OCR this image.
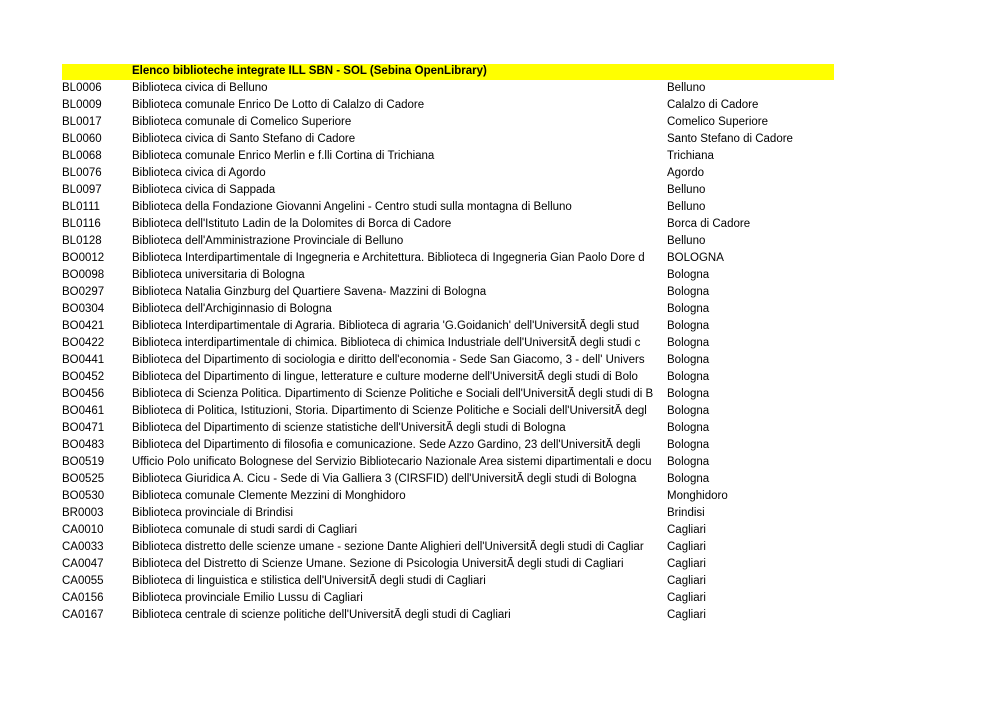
Elenco biblioteche integrate ILL SBN - SOL (Sebina OpenLibrary)
BL0006	Biblioteca civica di Belluno	Belluno
BL0009	Biblioteca comunale Enrico De Lotto di Calalzo di Cadore	Calalzo di Cadore
BL0017	Biblioteca comunale di Comelico Superiore	Comelico Superiore
BL0060	Biblioteca civica di Santo Stefano di Cadore	Santo Stefano di Cadore
BL0068	Biblioteca comunale Enrico Merlin e f.lli Cortina di Trichiana	Trichiana
BL0076	Biblioteca civica di Agordo	Agordo
BL0097	Biblioteca civica di Sappada	Belluno
BL0111	Biblioteca della Fondazione Giovanni Angelini - Centro studi sulla montagna di Belluno	Belluno
BL0116	Biblioteca dell'Istituto Ladin de la Dolomites di Borca di Cadore	Borca di Cadore
BL0128	Biblioteca dell'Amministrazione Provinciale di Belluno	Belluno
BO0012	Biblioteca Interdipartimentale di Ingegneria e Architettura. Biblioteca di Ingegneria Gian Paolo Dore d	BOLOGNA
BO0098	Biblioteca universitaria di Bologna	Bologna
BO0297	Biblioteca Natalia Ginzburg del Quartiere Savena- Mazzini di Bologna	Bologna
BO0304	Biblioteca dell'Archiginnasio di Bologna	Bologna
BO0421	Biblioteca Interdipartimentale di Agraria. Biblioteca di agraria 'G.Goidanich' dell'UniversitÃ degli stud	Bologna
BO0422	Biblioteca interdipartimentale di chimica. Biblioteca di chimica Industriale dell'UniversitÃ degli studi c	Bologna
BO0441	Biblioteca del Dipartimento di sociologia e diritto dell'economia - Sede San Giacomo, 3 - dell' Univers	Bologna
BO0452	Biblioteca del Dipartimento di lingue, letterature e culture moderne dell'UniversitÃ degli studi di Bolo	Bologna
BO0456	Biblioteca di Scienza Politica. Dipartimento di Scienze Politiche e Sociali dell'UniversitÃ degli studi di B	Bologna
BO0461	Biblioteca di Politica, Istituzioni, Storia. Dipartimento di Scienze Politiche e Sociali dell'UniversitÃ degl	Bologna
BO0471	Biblioteca del Dipartimento di scienze statistiche dell'UniversitÃ degli studi di Bologna	Bologna
BO0483	Biblioteca del Dipartimento di filosofia e comunicazione. Sede Azzo Gardino, 23 dell'UniversitÃ degli	Bologna
BO0519	Ufficio Polo unificato Bolognese del Servizio Bibliotecario Nazionale Area sistemi dipartimentali e docu	Bologna
BO0525	Biblioteca Giuridica A. Cicu - Sede di Via Galliera 3 (CIRSFID) dell'UniversitÃ degli studi di Bologna	Bologna
BO0530	Biblioteca comunale Clemente Mezzini di Monghidoro	Monghidoro
BR0003	Biblioteca provinciale di Brindisi	Brindisi
CA0010	Biblioteca comunale di studi sardi di Cagliari	Cagliari
CA0033	Biblioteca distretto delle scienze umane - sezione Dante Alighieri dell'UniversitÃ degli studi di Cagliar	Cagliari
CA0047	Biblioteca del Distretto di Scienze Umane. Sezione di Psicologia UniversitÃ degli studi di Cagliari	Cagliari
CA0055	Biblioteca di linguistica e stilistica dell'UniversitÃ degli studi di Cagliari	Cagliari
CA0156	Biblioteca provinciale Emilio Lussu di Cagliari	Cagliari
CA0167	Biblioteca centrale di scienze politiche dell'UniversitÃ degli studi di Cagliari	Cagliari
